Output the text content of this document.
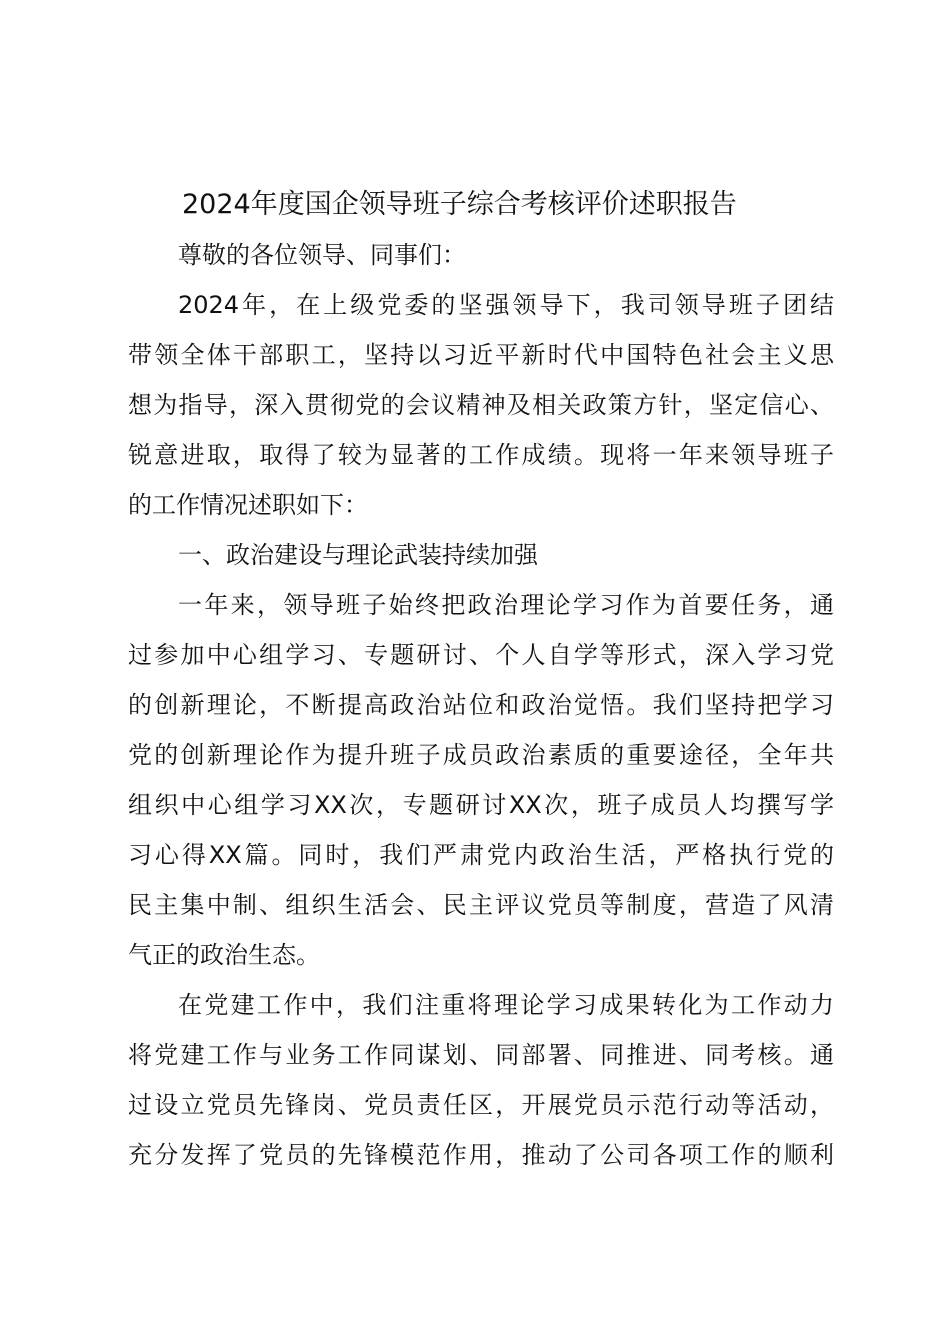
2024年度国企领导班子综合考核评价述职报告
尊敬的各位领导、同事们：
2024年，在上级党委的坚强领导下，我司领导班子团结
带领全体干部职工，坚持以习近平新时代中国特色社会主义思
想为指导，深入贯彻党的会议精神及相关政策方针，坚定信心、
锐意进取，取得了较为显著的工作成绩。现将一年来领导班子
的工作情况述职如下：
一、政治建设与理论武装持续加强
一年来，领导班子始终把政治理论学习作为首要任务，通
过参加中心组学习、专题研讨、个人自学等形式，深入学习党
的创新理论，不断提高政治站位和政治觉悟。我们坚持把学习
党的创新理论作为提升班子成员政治素质的重要途径，全年共
组织中心组学习XX次，专题研讨XX次，班子成员人均撰写学
习心得XX篇。同时，我们严肃党内政治生活，严格执行党的
民主集中制、组织生活会、民主评议党员等制度，营造了风清
气正的政治生态。
在党建工作中，我们注重将理论学习成果转化为工作动力
将党建工作与业务工作同谋划、同部署、同推进、同考核。通
过设立党员先锋岗、党员责任区，开展党员示范行动等活动，
充分发挥了党员的先锋模范作用，推动了公司各项工作的顺利
